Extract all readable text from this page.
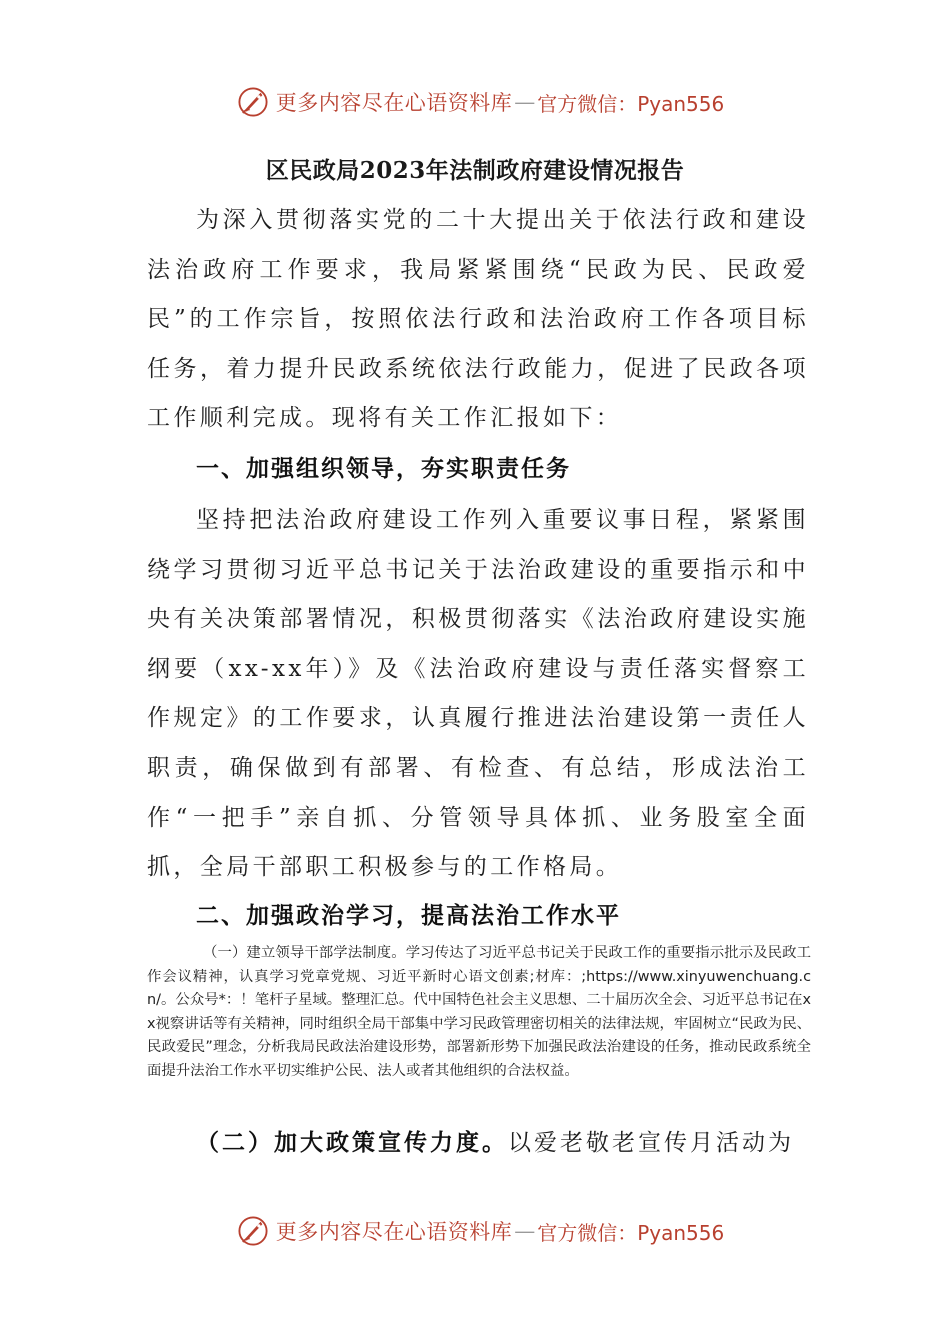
更多内容尽在心语资料库 — 官方微信：Pyan556
区民政局2023年法制政府建设情况报告
为深入贯彻落实党的二十大提出关于依法行政和建设法治政府工作要求，我局紧紧围绕“民政为民、民政爱民”的工作宗旨，按照依法行政和法治政府工作各项目标任务，着力提升民政系统依法行政能力，促进了民政各项工作顺利完成。现将有关工作汇报如下：
一、加强组织领导，夯实职责任务
坚持把法治政府建设工作列入重要议事日程，紧紧围绕学习贯彻习近平总书记关于法治政建设的重要指示和中央有关决策部署情况，积极贯彻落实《法治政府建设实施纲要（xx-xx年）》及《法治政府建设与责任落实督察工作规定》的工作要求，认真履行推进法治建设第一责任人职责，确保做到有部署、有检查、有总结，形成法治工作“一把手”亲自抓、分管领导具体抓、业务股室全面抓，全局干部职工积极参与的工作格局。
二、加强政治学习，提高法治工作水平
（一）建立领导干部学法制度。学习传达了习近平总书记关于民政工作的重要指示批示及民政工作会议精神，认真学习党章党规、习近平新时心语文创素;材库：;https://www.xinyuwenchuang.cn/。公众号*：！笔杆子星域。整理汇总。代中国特色社会主义思想、二十届历次全会、习近平总书记在xx视察讲话等有关精神，同时组织全局干部集中学习民政管理密切相关的法律法规，牢固树立“民政为民、民政爱民”理念，分析我局民政法治建设形势，部署新形势下加强民政法治建设的任务，推动民政系统全面提升法治工作水平切实维护公民、法人或者其他组织的合法权益。
（二）加大政策宣传力度。以爱老敬老宣传月活动为
更多内容尽在心语资料库 — 官方微信：Pyan556
